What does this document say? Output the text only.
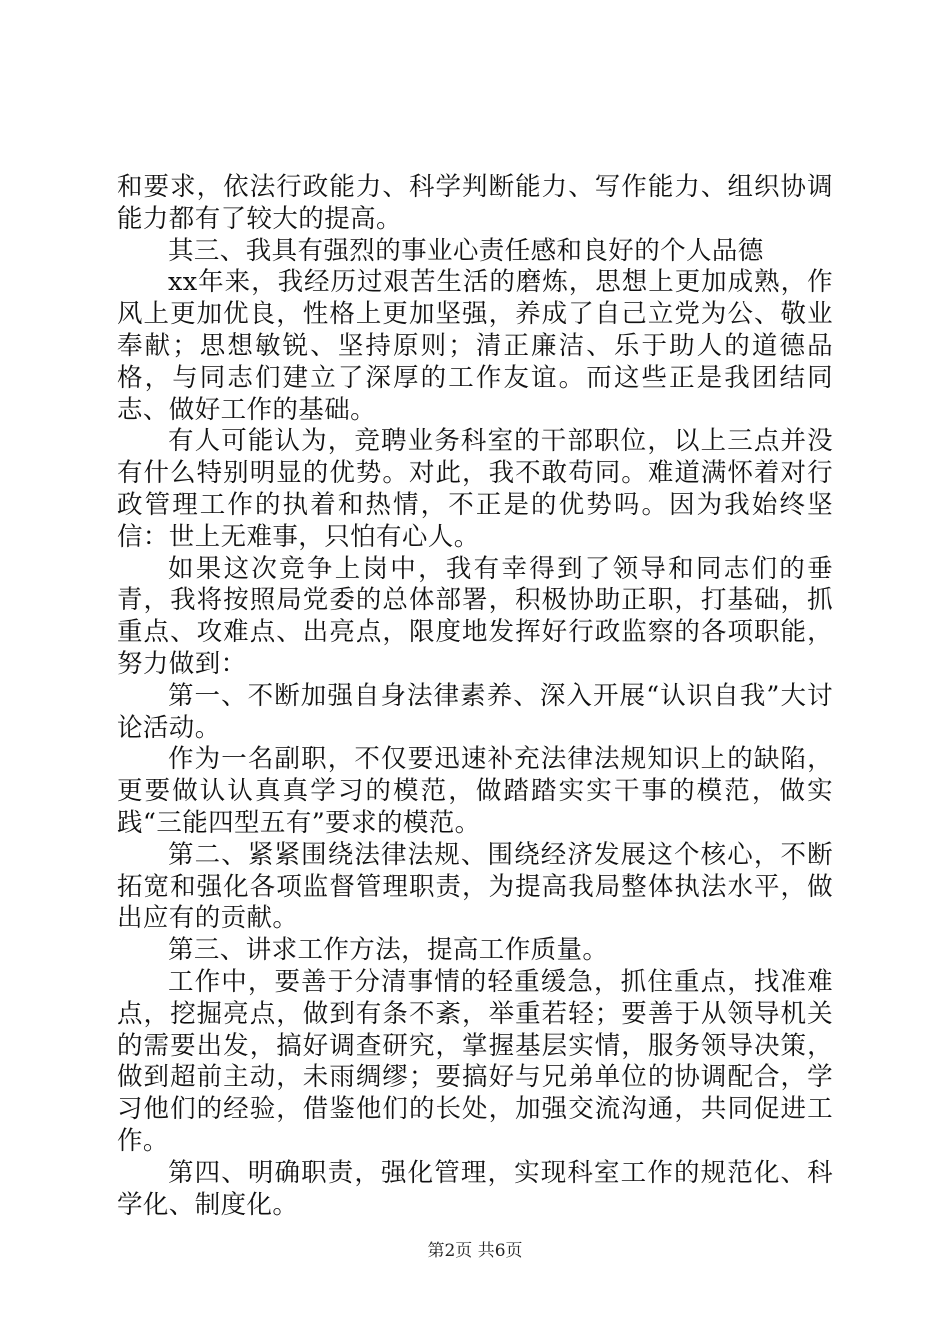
和要求，依法行政能力、科学判断能力、写作能力、组织协调能力都有了较大的提高。

其三、我具有强烈的事业心责任感和良好的个人品德

xx年来，我经历过艰苦生活的磨炼，思想上更加成熟，作风上更加优良，性格上更加坚强，养成了自己立党为公、敬业奉献；思想敏锐、坚持原则；清正廉洁、乐于助人的道德品格，与同志们建立了深厚的工作友谊。而这些正是我团结同志、做好工作的基础。

有人可能认为，竞聘业务科室的干部职位，以上三点并没有什么特别明显的优势。对此，我不敢苟同。难道满怀着对行政管理工作的执着和热情，不正是的优势吗。因为我始终坚信：世上无难事，只怕有心人。

如果这次竞争上岗中，我有幸得到了领导和同志们的垂青，我将按照局党委的总体部署，积极协助正职，打基础，抓重点、攻难点、出亮点，限度地发挥好行政监察的各项职能，努力做到：

第一、不断加强自身法律素养、深入开展“认识自我”大讨论活动。

作为一名副职，不仅要迅速补充法律法规知识上的缺陷，更要做认认真真学习的模范，做踏踏实实干事的模范，做实践“三能四型五有”要求的模范。

第二、紧紧围绕法律法规、围绕经济发展这个核心，不断拓宽和强化各项监督管理职责，为提高我局整体执法水平，做出应有的贡献。

第三、讲求工作方法，提高工作质量。

工作中，要善于分清事情的轻重缓急，抓住重点，找准难点，挖掘亮点，做到有条不紊，举重若轻；要善于从领导机关的需要出发，搞好调查研究，掌握基层实情，服务领导决策，做到超前主动，未雨绸缪；要搞好与兄弟单位的协调配合，学习他们的经验，借鉴他们的长处，加强交流沟通，共同促进工作。

第四、明确职责，强化管理，实现科室工作的规范化、科学化、制度化。

第2页 共6页
